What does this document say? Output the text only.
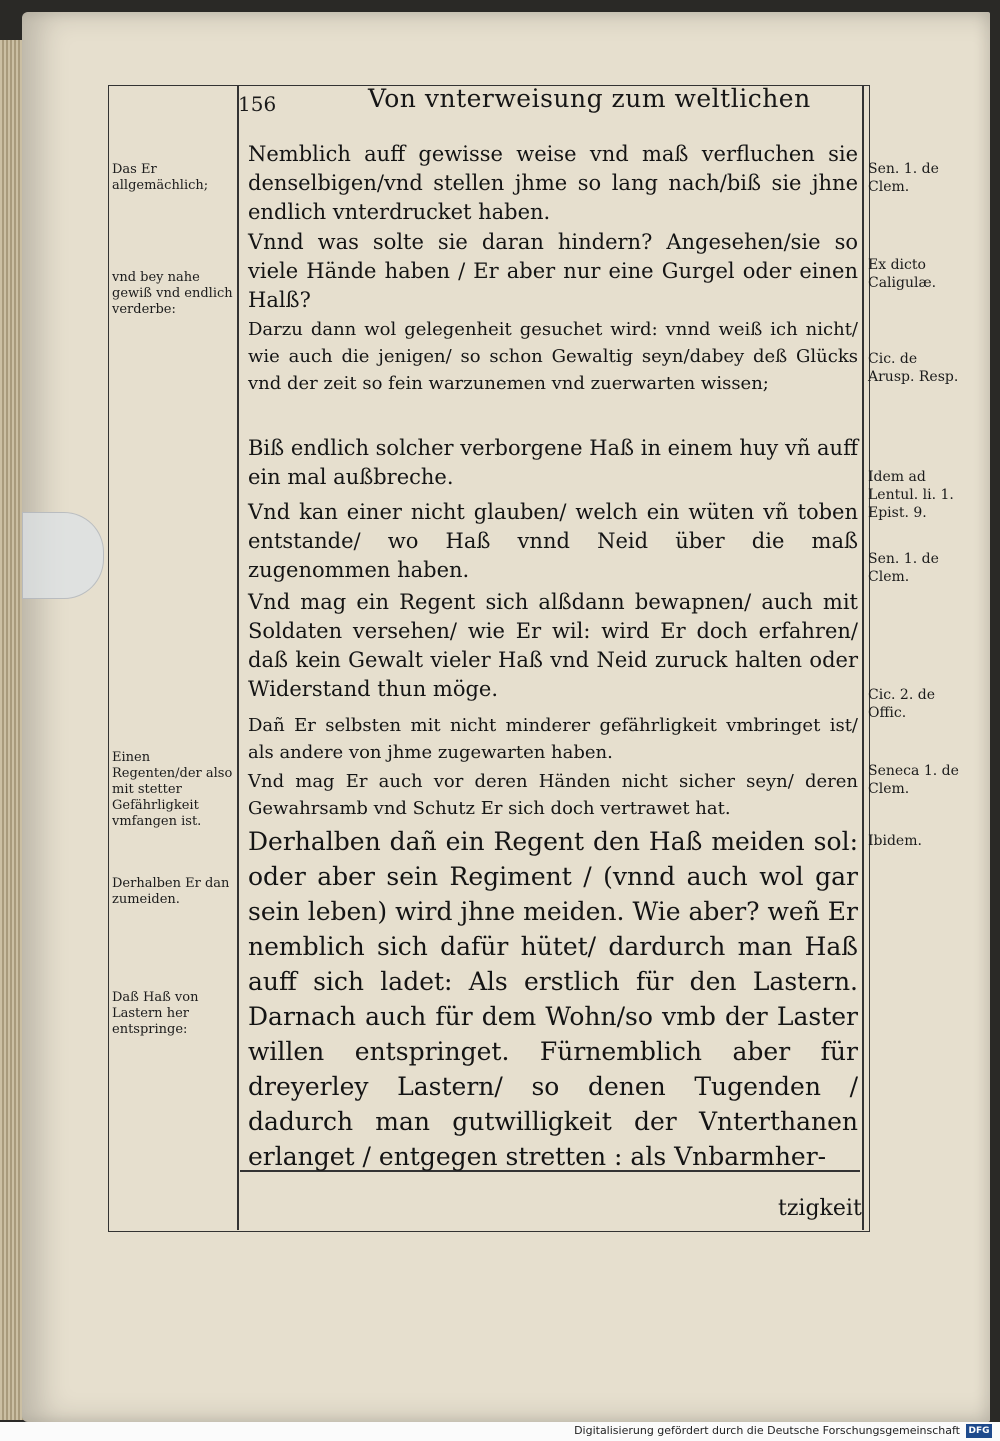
156	Von vnterweisung zum weltlichen

Nemblich auff gewisse weise vnd maß verfluchen sie denselbigen/vnd stellen jhme so lang nach/biß sie jhne endlich vnterdrucket haben.

Vnnd was solte sie daran hindern? Angesehen/sie so viele Hände haben / Er aber nur eine Gurgel oder einen Halß?

Darzu dann wol gelegenheit gesuchet wird: vnnd weiß ich nicht/ wie auch die jenigen/ so schon Gewaltig seyn/dabey deß Glücks vnd der zeit so fein warzunemen vnd zuerwarten wissen;

Biß endlich solcher verborgene Haß in einem huy vñ auff ein mal außbreche.

Vnd kan einer nicht glauben/ welch ein wüten vñ toben entstande/ wo Haß vnnd Neid über die maß zugenommen haben.

Vnd mag ein Regent sich alßdann bewapnen/ auch mit Soldaten versehen/ wie Er wil: wird Er doch erfahren/ daß kein Gewalt vieler Haß vnd Neid zuruck halten oder Widerstand thun möge.

Dañ Er selbsten mit nicht minderer gefährligkeit vmbringet ist/ als andere von jhme zugewarten haben.

Vnd mag Er auch vor deren Händen nicht sicher seyn/ deren Gewahrsamb vnd Schutz Er sich doch vertrawet hat.

Derhalben dañ ein Regent den Haß meiden sol: oder aber sein Regiment / (vnnd auch wol gar sein leben) wird jhne meiden. Wie aber? weñ Er nemblich sich dafür hütet/ dardurch man Haß auff sich ladet: Als erstlich für den Lastern. Darnach auch für dem Wohn/so vmb der Laster willen entspringet. Fürnemblich aber für dreyerley Lastern/ so denen Tugenden / dadurch man gutwilligkeit der Vnterthanen erlanget / entgegen stretten : als Vnbarmher-

Das Er allgemächlich;
vnd bey nahe gewiß vnd endlich verderbe:
Einen Regenten/der also mit stetter Gefährligkeit vmfangen ist.
Derhalben Er dan zumeiden.
Daß Haß von Lastern her entspringe:
Sen. 1. de Clem.
Ex dicto Caligulæ.
Cic. de Arusp. Resp.
Idem ad Lentul. li. 1. Epist. 9.
Sen. 1. de Clem.
Cic. 2. de Offic.
Seneca 1. de Clem.
Ibidem.
tzigkeit
Digitalisierung gefördert durch die Deutsche Forschungsgemeinschaft DFG
